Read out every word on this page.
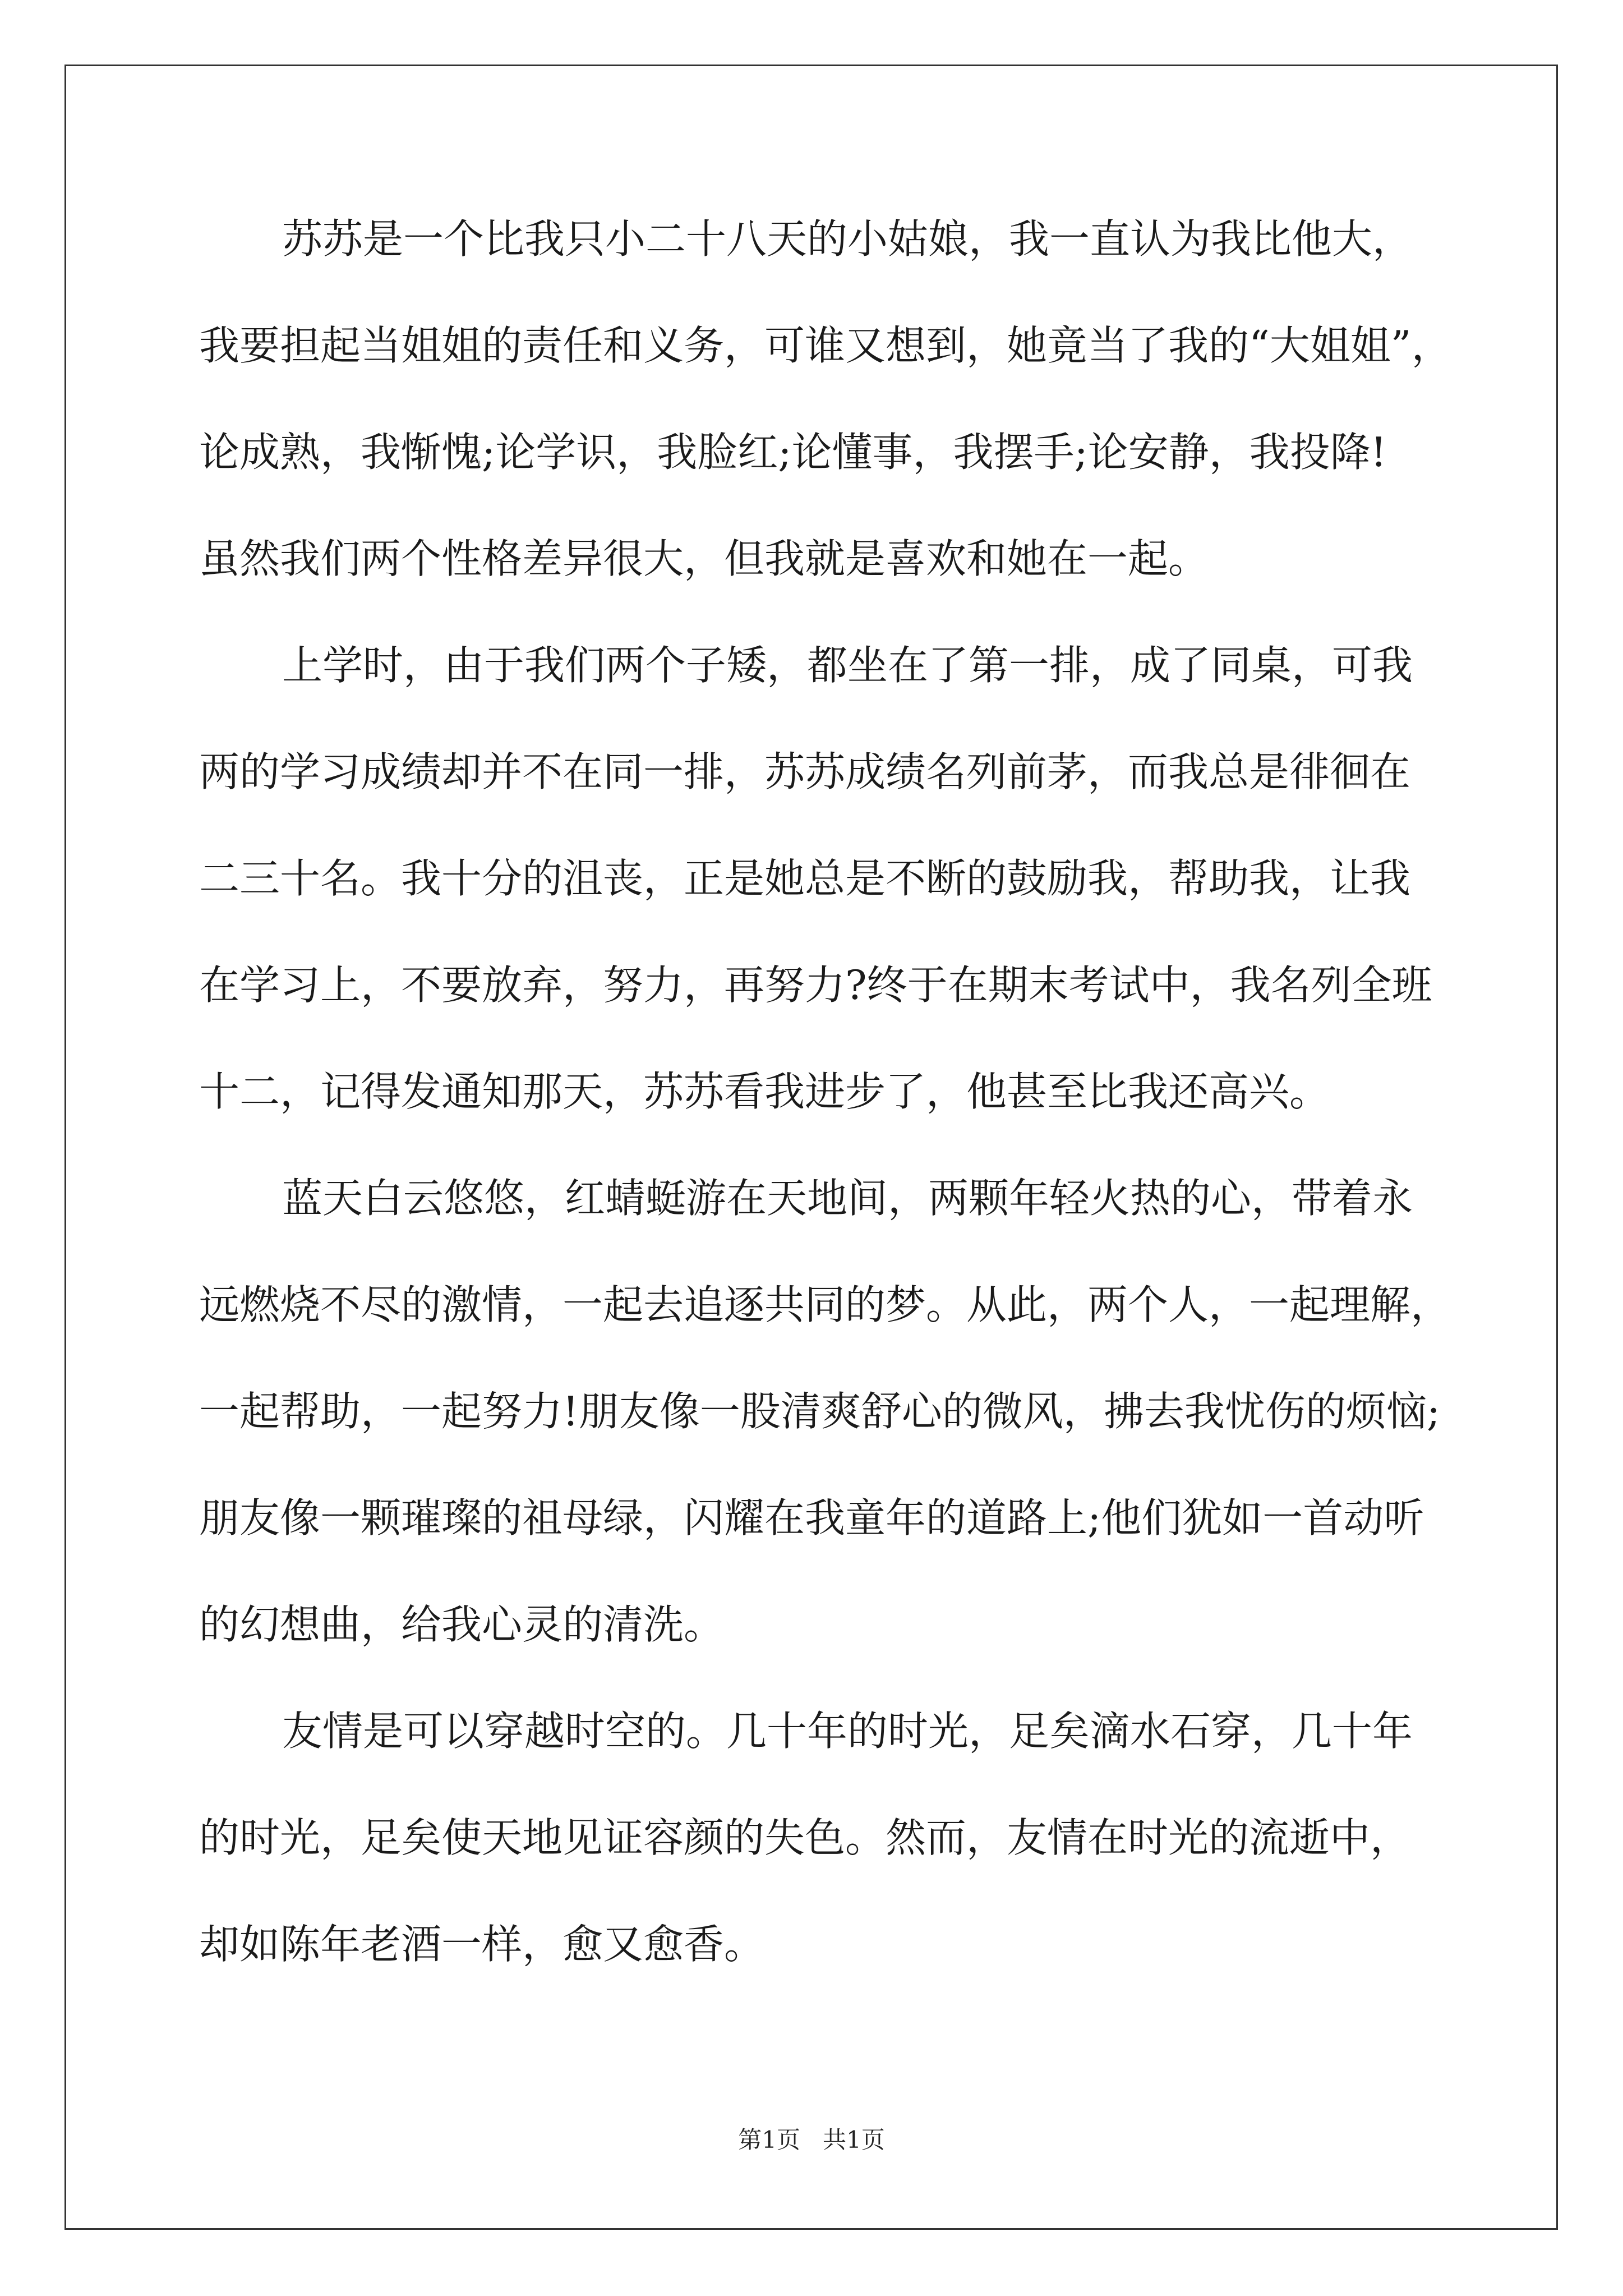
苏苏是一个比我只小二十八天的小姑娘，我一直认为我比他大，
我要担起当姐姐的责任和义务，可谁又想到，她竟当了我的“大姐姐”，
论成熟，我惭愧;论学识，我脸红;论懂事，我摆手;论安静，我投降!
虽然我们两个性格差异很大，但我就是喜欢和她在一起。
上学时，由于我们两个子矮，都坐在了第一排，成了同桌，可我
两的学习成绩却并不在同一排，苏苏成绩名列前茅，而我总是徘徊在
二三十名。我十分的沮丧，正是她总是不断的鼓励我，帮助我，让我
在学习上，不要放弃，努力，再努力?终于在期末考试中，我名列全班
十二，记得发通知那天，苏苏看我进步了，他甚至比我还高兴。
蓝天白云悠悠，红蜻蜓游在天地间，两颗年轻火热的心，带着永
远燃烧不尽的激情，一起去追逐共同的梦。从此，两个人，一起理解，
一起帮助，一起努力!朋友像一股清爽舒心的微风，拂去我忧伤的烦恼;
朋友像一颗璀璨的祖母绿，闪耀在我童年的道路上;他们犹如一首动听
的幻想曲，给我心灵的清洗。
友情是可以穿越时空的。几十年的时光，足矣滴水石穿，几十年
的时光，足矣使天地见证容颜的失色。然而，友情在时光的流逝中，
却如陈年老酒一样，愈又愈香。
第1页   共1页
